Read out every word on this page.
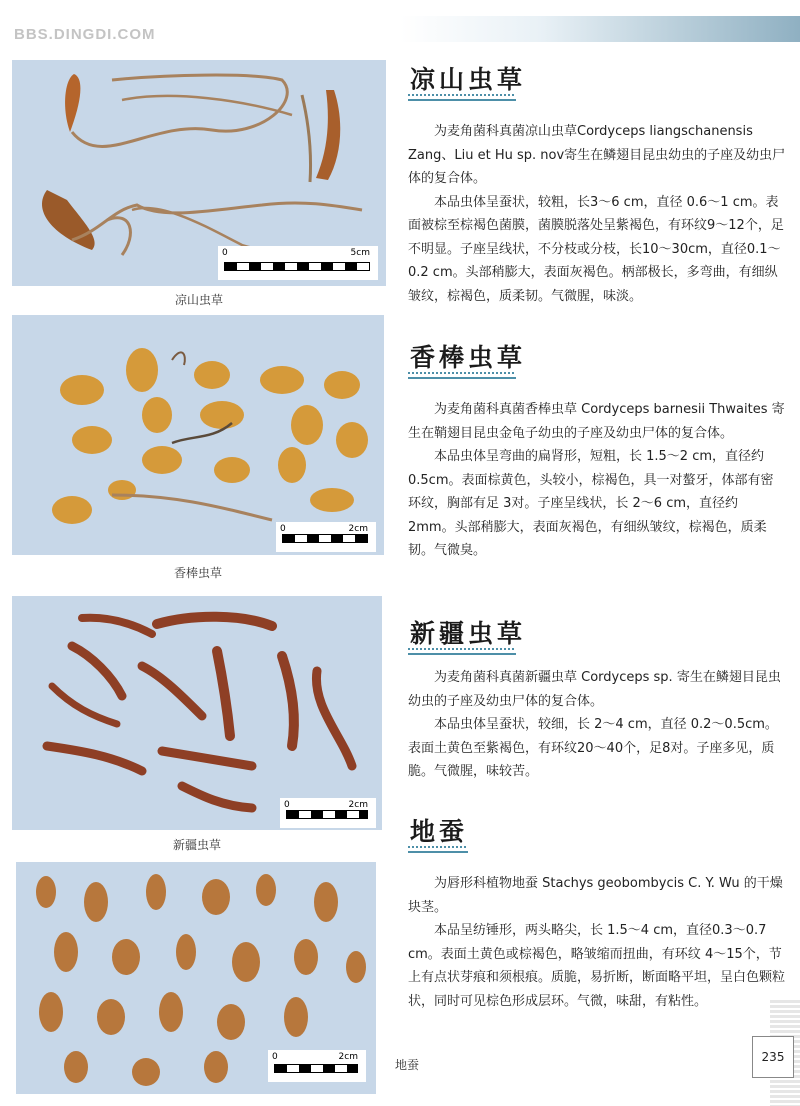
BBS.DINGDI.COM
0	5cm
凉山虫草
0	2cm
香棒虫草
0	2cm
新疆虫草
0	2cm
地蚕
凉山虫草

为麦角菌科真菌凉山虫草Cordyceps liangschanensis Zang、Liu et Hu sp. nov寄生在鳞翅目昆虫幼虫的子座及幼虫尸体的复合体。

本品虫体呈蚕状，较粗，长3～6 cm，直径 0.6～1 cm。表面被棕至棕褐色菌膜，菌膜脱落处呈紫褐色，有环纹9～12个，足不明显。子座呈线状，不分枝或分枝，长10～30cm，直径0.1～0.2 cm。头部稍膨大，表面灰褐色。柄部极长，多弯曲，有细纵皱纹，棕褐色，质柔韧。气微腥，味淡。

香棒虫草

为麦角菌科真菌香棒虫草 Cordyceps barnesii Thwaites 寄生在鞘翅目昆虫金龟子幼虫的子座及幼虫尸体的复合体。

本品虫体呈弯曲的扁肾形，短粗，长 1.5～2 cm，直径约 0.5cm。表面棕黄色，头较小，棕褐色，具一对螯牙，体部有密环纹，胸部有足 3对。子座呈线状，长 2～6 cm，直径约 2mm。头部稍膨大，表面灰褐色，有细纵皱纹，棕褐色，质柔韧。气微臭。

新疆虫草

为麦角菌科真菌新疆虫草 Cordyceps sp. 寄生在鳞翅目昆虫幼虫的子座及幼虫尸体的复合体。

本品虫体呈蚕状，较细，长 2～4 cm，直径 0.2～0.5cm。表面土黄色至紫褐色，有环纹20～40个，足8对。子座多见，质脆。气微腥，味较苦。

地蚕

为唇形科植物地蚕 Stachys geobombycis C. Y. Wu 的干燥块茎。

本品呈纺锤形，两头略尖，长 1.5～4 cm，直径0.3～0.7 cm。表面土黄色或棕褐色，略皱缩而扭曲，有环纹 4～15个，节上有点状芽痕和须根痕。质脆，易折断，断面略平坦，呈白色颗粒状，同时可见棕色形成层环。气微，味甜，有粘性。

235
